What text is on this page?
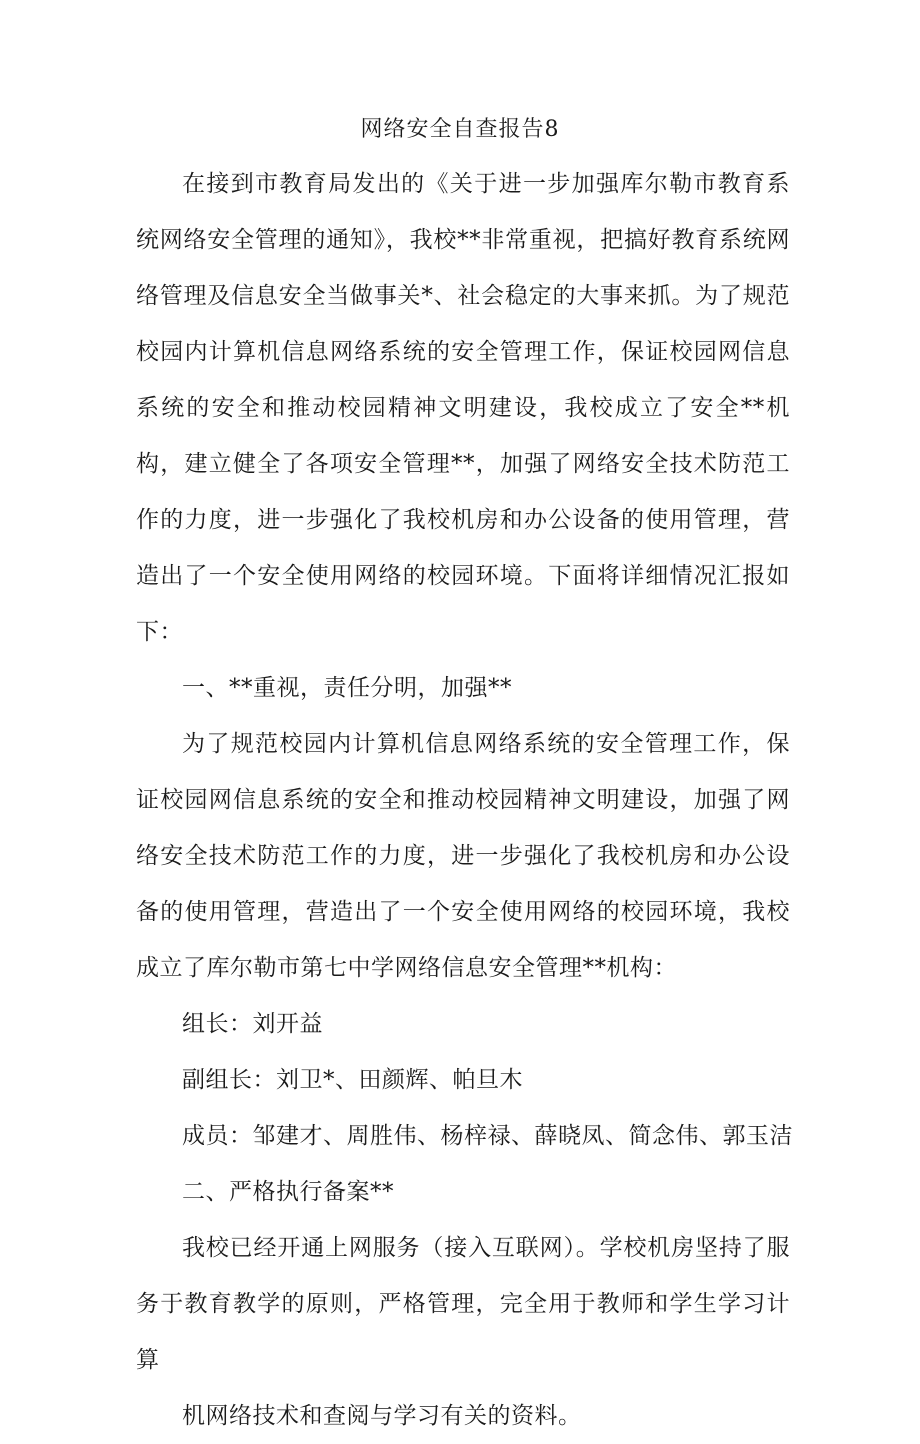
网络安全自查报告8

在接到市教育局发出的《关于进一步加强库尔勒市教育系统网络安全管理的通知》，我校**非常重视，把搞好教育系统网络管理及信息安全当做事关*、社会稳定的大事来抓。为了规范校园内计算机信息网络系统的安全管理工作，保证校园网信息系统的安全和推动校园精神文明建设，我校成立了安全**机构，建立健全了各项安全管理**，加强了网络安全技术防范工作的力度，进一步强化了我校机房和办公设备的使用管理，营造出了一个安全使用网络的校园环境。下面将详细情况汇报如下：

一、**重视，责任分明，加强**

为了规范校园内计算机信息网络系统的安全管理工作，保证校园网信息系统的安全和推动校园精神文明建设，加强了网络安全技术防范工作的力度，进一步强化了我校机房和办公设备的使用管理，营造出了一个安全使用网络的校园环境，我校成立了库尔勒市第七中学网络信息安全管理**机构：

组长：刘开益

副组长：刘卫*、田颜辉、帕旦木

成员：邹建才、周胜伟、杨梓禄、薛晓凤、简念伟、郭玉洁

二、严格执行备案**

我校已经开通上网服务（接入互联网）。学校机房坚持了服务于教育教学的原则，严格管理，完全用于教师和学生学习计算

机网络技术和查阅与学习有关的资料。
